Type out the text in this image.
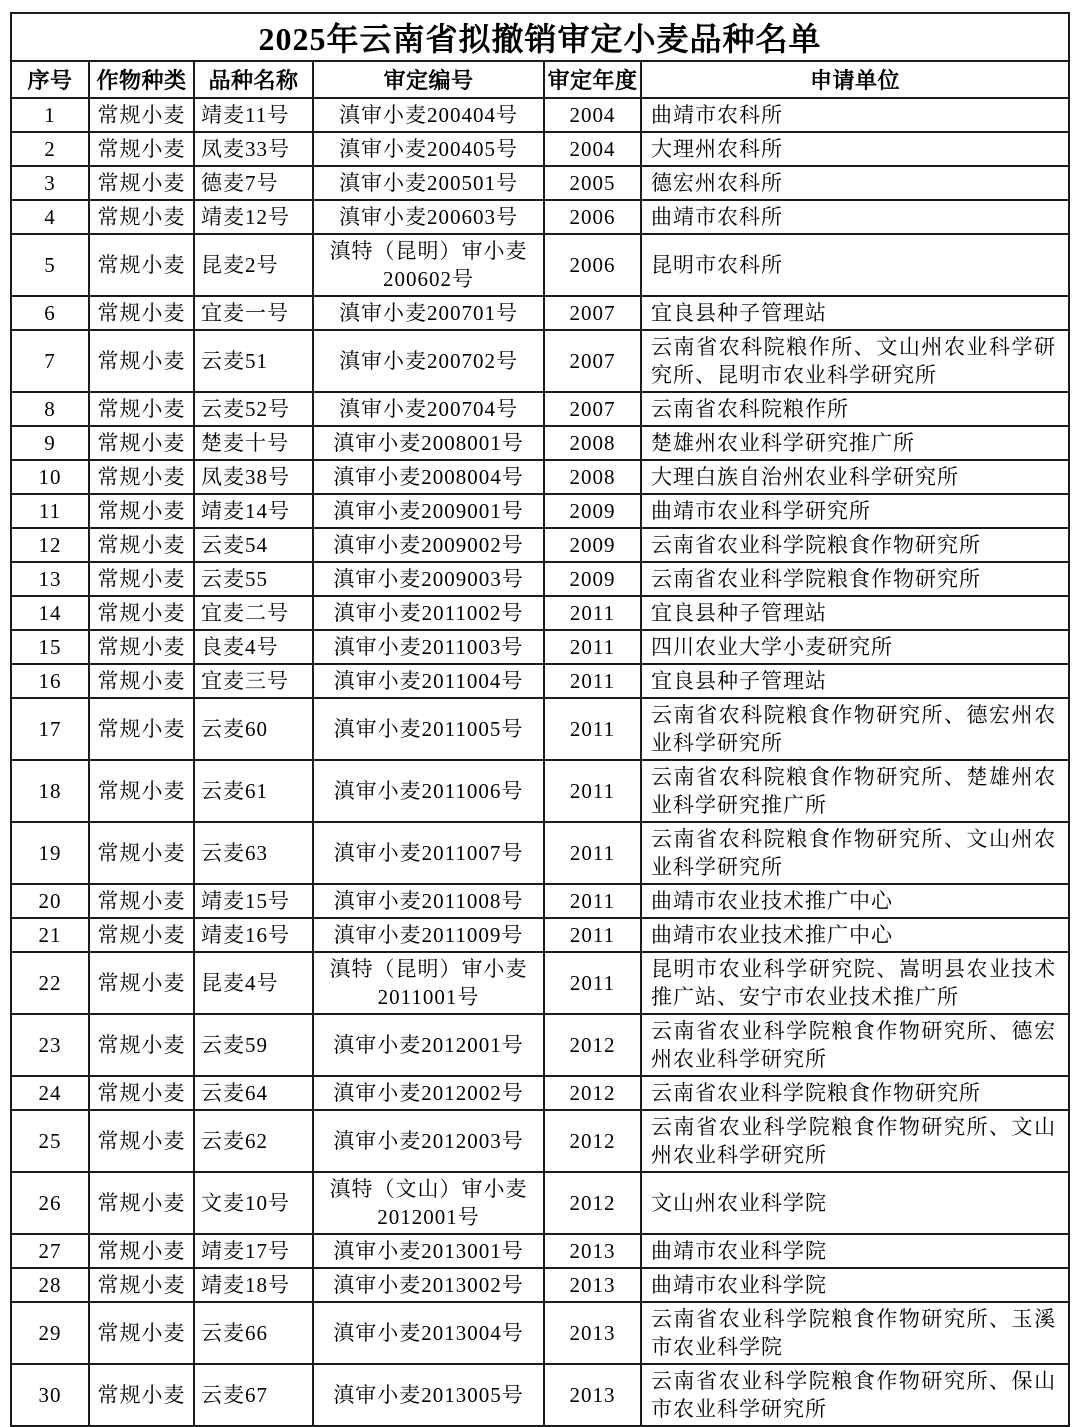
2025年云南省拟撤销审定小麦品种名单					
序号	作物种类	品种名称	审定编号	审定年度	申请单位
1	常规小麦	靖麦11号	滇审小麦200404号	2004	曲靖市农科所
2	常规小麦	凤麦33号	滇审小麦200405号	2004	大理州农科所
3	常规小麦	德麦7号	滇审小麦200501号	2005	德宏州农科所
4	常规小麦	靖麦12号	滇审小麦200603号	2006	曲靖市农科所
5	常规小麦	昆麦2号	滇特（昆明）审小麦200602号	2006	昆明市农科所
6	常规小麦	宜麦一号	滇审小麦200701号	2007	宜良县种子管理站
7	常规小麦	云麦51	滇审小麦200702号	2007	云南省农科院粮作所、文山州农业科学研究所、昆明市农业科学研究所
8	常规小麦	云麦52号	滇审小麦200704号	2007	云南省农科院粮作所
9	常规小麦	楚麦十号	滇审小麦2008001号	2008	楚雄州农业科学研究推广所
10	常规小麦	凤麦38号	滇审小麦2008004号	2008	大理白族自治州农业科学研究所
11	常规小麦	靖麦14号	滇审小麦2009001号	2009	曲靖市农业科学研究所
12	常规小麦	云麦54	滇审小麦2009002号	2009	云南省农业科学院粮食作物研究所
13	常规小麦	云麦55	滇审小麦2009003号	2009	云南省农业科学院粮食作物研究所
14	常规小麦	宜麦二号	滇审小麦2011002号	2011	宜良县种子管理站
15	常规小麦	良麦4号	滇审小麦2011003号	2011	四川农业大学小麦研究所
16	常规小麦	宜麦三号	滇审小麦2011004号	2011	宜良县种子管理站
17	常规小麦	云麦60	滇审小麦2011005号	2011	云南省农科院粮食作物研究所、德宏州农业科学研究所
18	常规小麦	云麦61	滇审小麦2011006号	2011	云南省农科院粮食作物研究所、楚雄州农业科学研究推广所
19	常规小麦	云麦63	滇审小麦2011007号	2011	云南省农科院粮食作物研究所、文山州农业科学研究所
20	常规小麦	靖麦15号	滇审小麦2011008号	2011	曲靖市农业技术推广中心
21	常规小麦	靖麦16号	滇审小麦2011009号	2011	曲靖市农业技术推广中心
22	常规小麦	昆麦4号	滇特（昆明）审小麦2011001号	2011	昆明市农业科学研究院、嵩明县农业技术推广站、安宁市农业技术推广所
23	常规小麦	云麦59	滇审小麦2012001号	2012	云南省农业科学院粮食作物研究所、德宏州农业科学研究所
24	常规小麦	云麦64	滇审小麦2012002号	2012	云南省农业科学院粮食作物研究所
25	常规小麦	云麦62	滇审小麦2012003号	2012	云南省农业科学院粮食作物研究所、文山州农业科学研究所
26	常规小麦	文麦10号	滇特（文山）审小麦2012001号	2012	文山州农业科学院
27	常规小麦	靖麦17号	滇审小麦2013001号	2013	曲靖市农业科学院
28	常规小麦	靖麦18号	滇审小麦2013002号	2013	曲靖市农业科学院
29	常规小麦	云麦66	滇审小麦2013004号	2013	云南省农业科学院粮食作物研究所、玉溪市农业科学院
30	常规小麦	云麦67	滇审小麦2013005号	2013	云南省农业科学院粮食作物研究所、保山市农业科学研究所
